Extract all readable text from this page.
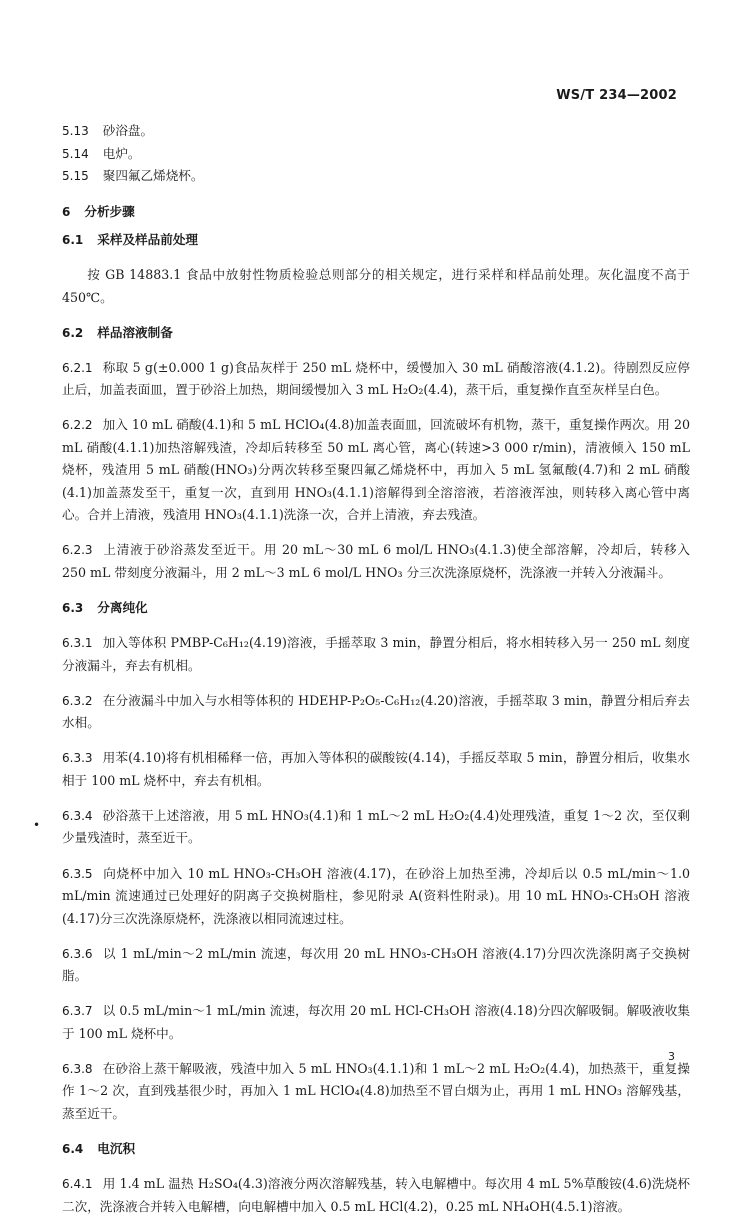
WS/T 234—2002
•

5.13 砂浴盘。

5.14 电炉。

5.15 聚四氟乙烯烧杯。

6 分析步骤

6.1 采样及样品前处理

按 GB 14883.1 食品中放射性物质检验总则部分的相关规定，进行采样和样品前处理。灰化温度不高于 450℃。

6.2 样品溶液制备

6.2.1 称取 5 g(±0.000 1 g)食品灰样于 250 mL 烧杯中，缓慢加入 30 mL 硝酸溶液(4.1.2)。待剧烈反应停止后，加盖表面皿，置于砂浴上加热，期间缓慢加入 3 mL H₂O₂(4.4)，蒸干后，重复操作直至灰样呈白色。

6.2.2 加入 10 mL 硝酸(4.1)和 5 mL HClO₄(4.8)加盖表面皿，回流破坏有机物，蒸干，重复操作两次。用 20 mL 硝酸(4.1.1)加热溶解残渣，冷却后转移至 50 mL 离心管，离心(转速>3 000 r/min)，清液倾入 150 mL 烧杯，残渣用 5 mL 硝酸(HNO₃)分两次转移至聚四氟乙烯烧杯中，再加入 5 mL 氢氟酸(4.7)和 2 mL 硝酸(4.1)加盖蒸发至干，重复一次，直到用 HNO₃(4.1.1)溶解得到全溶溶液，若溶液浑浊，则转移入离心管中离心。合并上清液，残渣用 HNO₃(4.1.1)洗涤一次，合并上清液，弃去残渣。

6.2.3 上清液于砂浴蒸发至近干。用 20 mL～30 mL 6 mol/L HNO₃(4.1.3)使全部溶解，冷却后，转移入 250 mL 带刻度分液漏斗，用 2 mL～3 mL 6 mol/L HNO₃ 分三次洗涤原烧杯，洗涤液一并转入分液漏斗。

6.3 分离纯化

6.3.1 加入等体积 PMBP-C₆H₁₂(4.19)溶液，手摇萃取 3 min，静置分相后，将水相转移入另一 250 mL 刻度分液漏斗，弃去有机相。

6.3.2 在分液漏斗中加入与水相等体积的 HDEHP-P₂O₅-C₆H₁₂(4.20)溶液，手摇萃取 3 min，静置分相后弃去水相。

6.3.3 用苯(4.10)将有机相稀释一倍，再加入等体积的碳酸铵(4.14)，手摇反萃取 5 min，静置分相后，收集水相于 100 mL 烧杯中，弃去有机相。

6.3.4 砂浴蒸干上述溶液，用 5 mL HNO₃(4.1)和 1 mL～2 mL H₂O₂(4.4)处理残渣，重复 1～2 次，至仅剩少量残渣时，蒸至近干。

6.3.5 向烧杯中加入 10 mL HNO₃-CH₃OH 溶液(4.17)，在砂浴上加热至沸，冷却后以 0.5 mL/min～1.0 mL/min 流速通过已处理好的阴离子交换树脂柱，参见附录 A(资料性附录)。用 10 mL HNO₃-CH₃OH 溶液(4.17)分三次洗涤原烧杯，洗涤液以相同流速过柱。

6.3.6 以 1 mL/min～2 mL/min 流速，每次用 20 mL HNO₃-CH₃OH 溶液(4.17)分四次洗涤阴离子交换树脂。

6.3.7 以 0.5 mL/min～1 mL/min 流速，每次用 20 mL HCl-CH₃OH 溶液(4.18)分四次解吸铜。解吸液收集于 100 mL 烧杯中。

6.3.8 在砂浴上蒸干解吸液，残渣中加入 5 mL HNO₃(4.1.1)和 1 mL～2 mL H₂O₂(4.4)，加热蒸干，重复操作 1～2 次，直到残基很少时，再加入 1 mL HClO₄(4.8)加热至不冒白烟为止，再用 1 mL HNO₃ 溶解残基，蒸至近干。

6.4 电沉积

6.4.1 用 1.4 mL 温热 H₂SO₄(4.3)溶液分两次溶解残基，转入电解槽中。每次用 4 mL 5%草酸铵(4.6)洗烧杯二次，洗涤液合并转入电解槽，向电解槽中加入 0.5 mL HCl(4.2)，0.25 mL NH₄OH(4.5.1)溶液。

3
